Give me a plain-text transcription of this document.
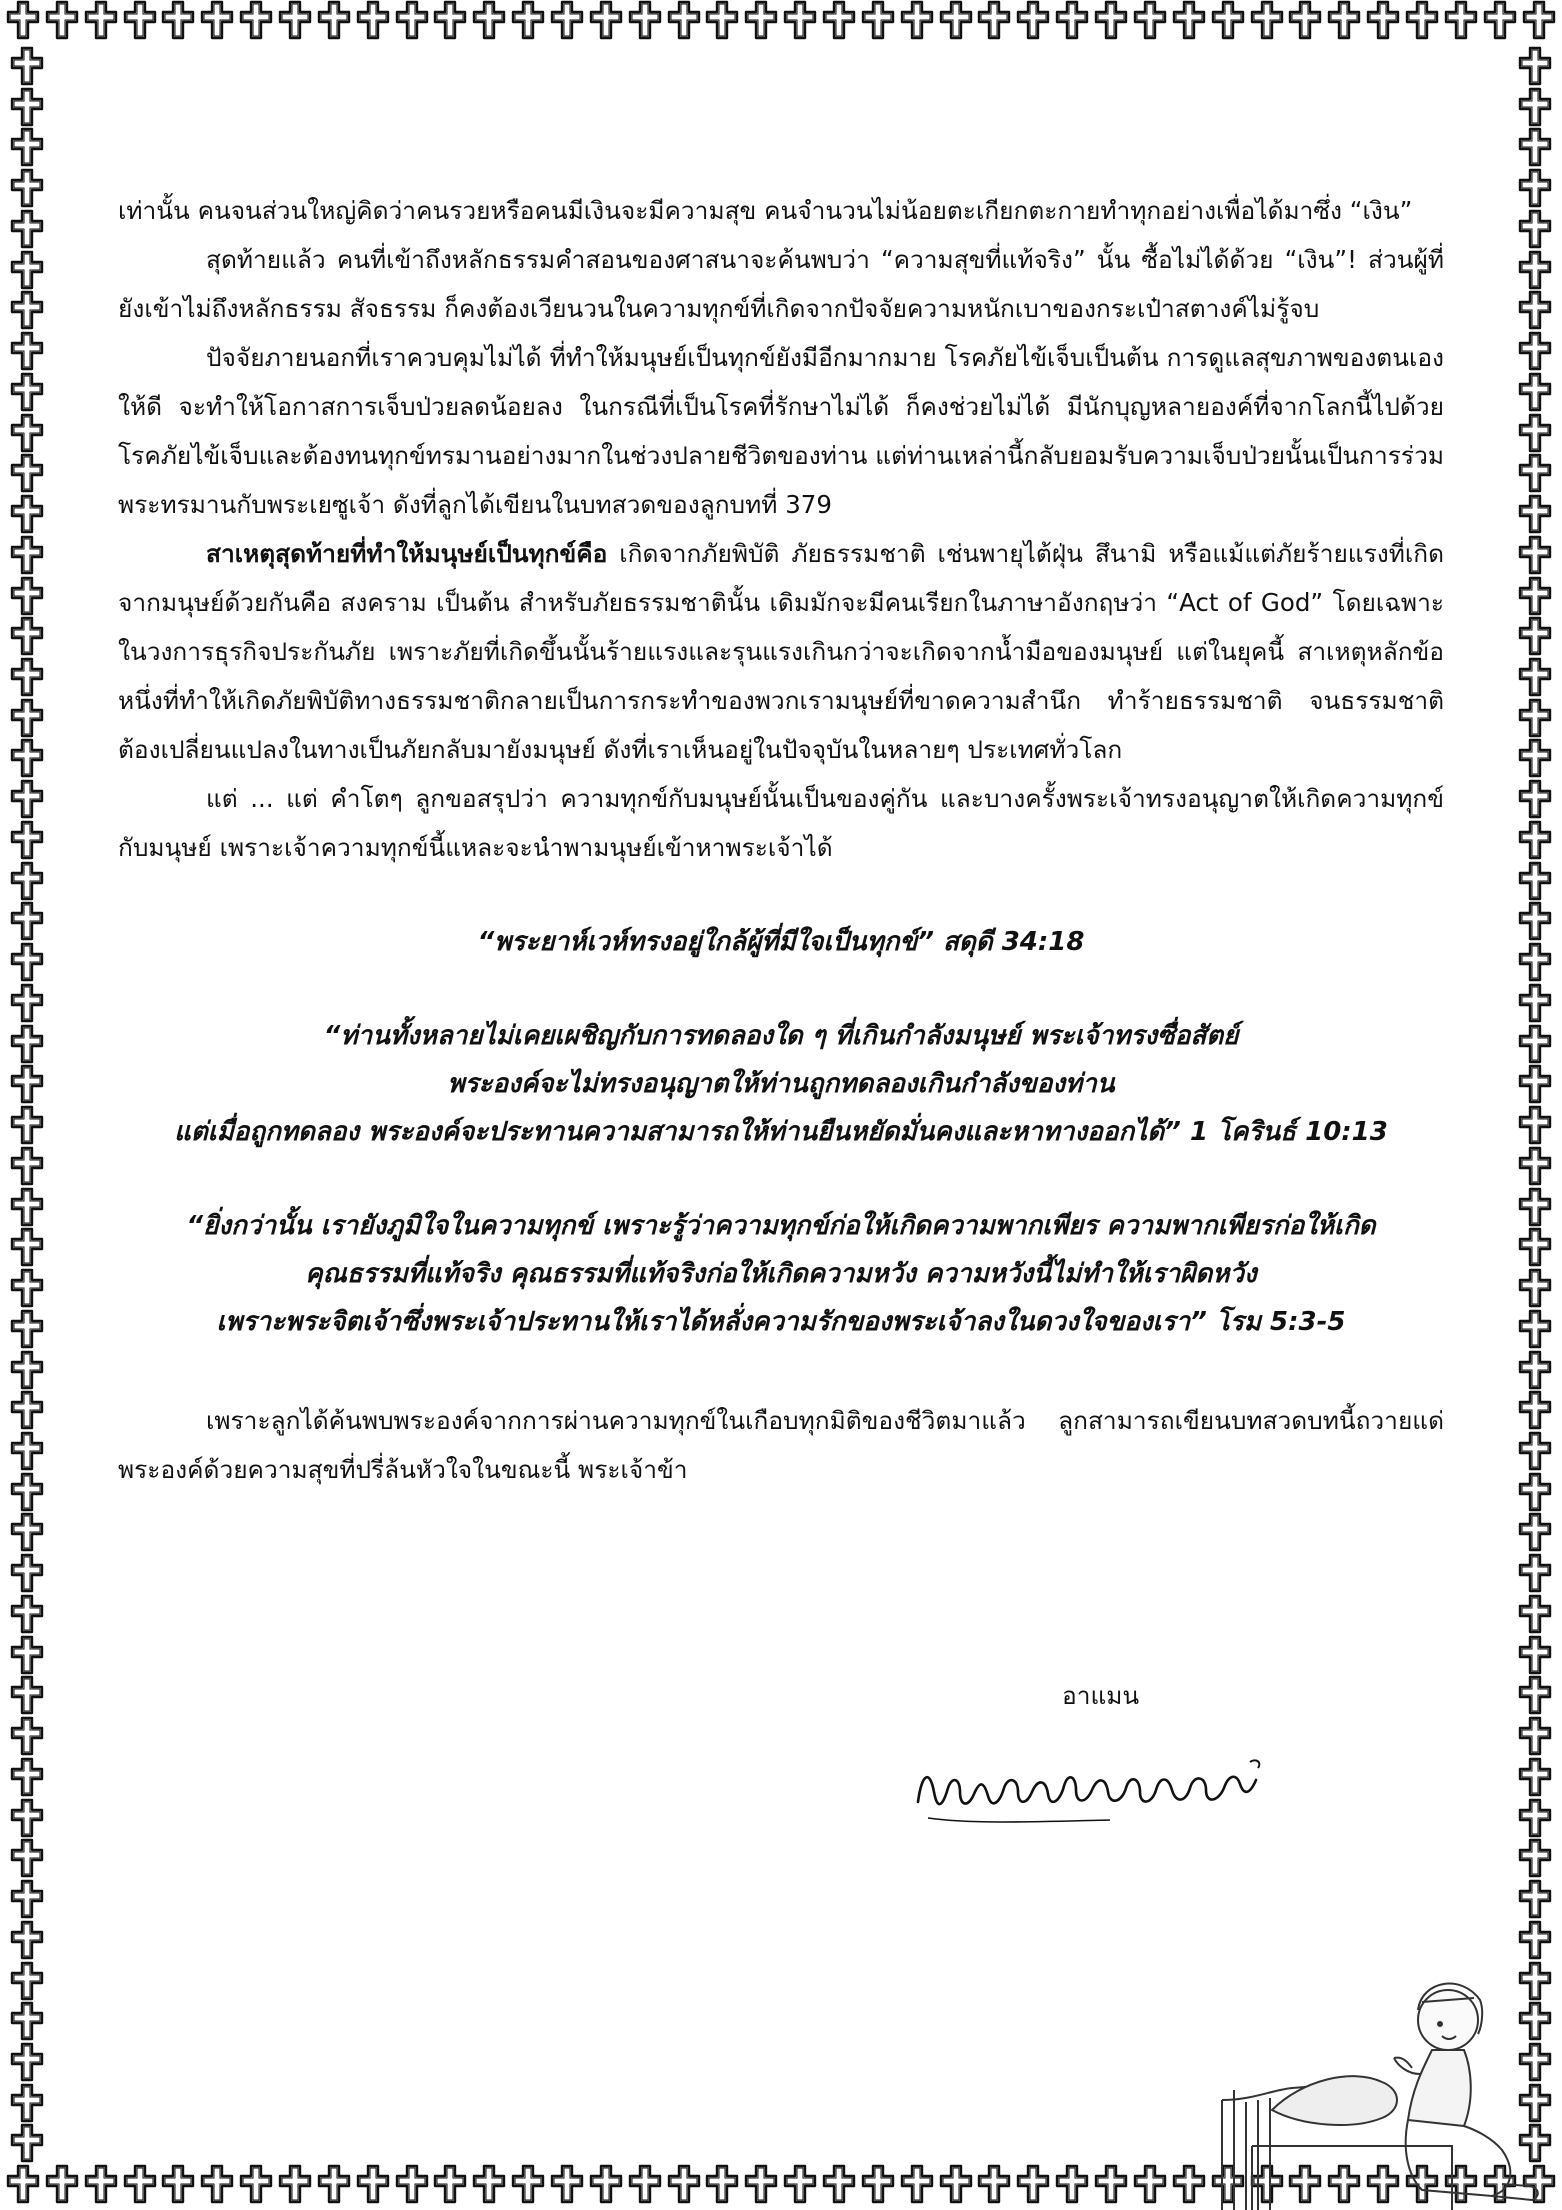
เท่านั้น คนจนส่วนใหญ่คิดว่าคนรวยหรือคนมีเงินจะมีความสุข คนจำนวนไม่น้อยตะเกียกตะกายทำทุกอย่างเพื่อได้มาซึ่ง “เงิน”

สุดท้ายแล้ว คนที่เข้าถึงหลักธรรมคำสอนของศาสนาจะค้นพบว่า “ความสุขที่แท้จริง” นั้น ซื้อไม่ได้ด้วย “เงิน”! ส่วนผู้ที่ยังเข้าไม่ถึงหลักธรรม สัจธรรม ก็คงต้องเวียนวนในความทุกข์ที่เกิดจากปัจจัยความหนักเบาของกระเป๋าสตางค์ไม่รู้จบ

ปัจจัยภายนอกที่เราควบคุมไม่ได้ ที่ทำให้มนุษย์เป็นทุกข์ยังมีอีกมากมาย โรคภัยไข้เจ็บเป็นต้น การดูแลสุขภาพของตนเองให้ดี จะทำให้โอกาสการเจ็บป่วยลดน้อยลง ในกรณีที่เป็นโรคที่รักษาไม่ได้ ก็คงช่วยไม่ได้ มีนักบุญหลายองค์ที่จากโลกนี้ไปด้วยโรคภัยไข้เจ็บและต้องทนทุกข์ทรมานอย่างมากในช่วงปลายชีวิตของท่าน แต่ท่านเหล่านี้กลับยอมรับความเจ็บป่วยนั้นเป็นการร่วมพระทรมานกับพระเยซูเจ้า ดังที่ลูกได้เขียนในบทสวดของลูกบทที่ 379

สาเหตุสุดท้ายที่ทำให้มนุษย์เป็นทุกข์คือ เกิดจากภัยพิบัติ ภัยธรรมชาติ เช่นพายุไต้ฝุ่น สึนามิ หรือแม้แต่ภัยร้ายแรงที่เกิดจากมนุษย์ด้วยกันคือ สงคราม เป็นต้น สำหรับภัยธรรมชาตินั้น เดิมมักจะมีคนเรียกในภาษาอังกฤษว่า “Act of God” โดยเฉพาะในวงการธุรกิจประกันภัย เพราะภัยที่เกิดขึ้นนั้นร้ายแรงและรุนแรงเกินกว่าจะเกิดจากน้ำมือของมนุษย์ แต่ในยุคนี้ สาเหตุหลักข้อหนึ่งที่ทำให้เกิดภัยพิบัติทางธรรมชาติกลายเป็นการกระทำของพวกเรามนุษย์ที่ขาดความสำนึก ทำร้ายธรรมชาติ จนธรรมชาติต้องเปลี่ยนแปลงในทางเป็นภัยกลับมายังมนุษย์ ดังที่เราเห็นอยู่ในปัจจุบันในหลายๆ ประเทศทั่วโลก

แต่ ... แต่ คำโตๆ ลูกขอสรุปว่า ความทุกข์กับมนุษย์นั้นเป็นของคู่กัน และบางครั้งพระเจ้าทรงอนุญาตให้เกิดความทุกข์กับมนุษย์ เพราะเจ้าความทุกข์นี้แหละจะนำพามนุษย์เข้าหาพระเจ้าได้

“พระยาห์เวห์ทรงอยู่ใกล้ผู้ที่มีใจเป็นทุกข์” สดุดี 34:18

“ท่านทั้งหลายไม่เคยเผชิญกับการทดลองใด ๆ ที่เกินกำลังมนุษย์ พระเจ้าทรงซื่อสัตย์
พระองค์จะไม่ทรงอนุญาตให้ท่านถูกทดลองเกินกำลังของท่าน
แต่เมื่อถูกทดลอง พระองค์จะประทานความสามารถให้ท่านยืนหยัดมั่นคงและหาทางออกได้” 1 โครินธ์ 10:13

“ยิ่งกว่านั้น เรายังภูมิใจในความทุกข์ เพราะรู้ว่าความทุกข์ก่อให้เกิดความพากเพียร ความพากเพียรก่อให้เกิด
คุณธรรมที่แท้จริง คุณธรรมที่แท้จริงก่อให้เกิดความหวัง ความหวังนี้ไม่ทำให้เราผิดหวัง
เพราะพระจิตเจ้าซึ่งพระเจ้าประทานให้เราได้หลั่งความรักของพระเจ้าลงในดวงใจของเรา” โรม 5:3-5

เพราะลูกได้ค้นพบพระองค์จากการผ่านความทุกข์ในเกือบทุกมิติของชีวิตมาแล้ว ลูกสามารถเขียนบทสวดบทนี้ถวายแด่พระองค์ด้วยความสุขที่ปรี่ล้นหัวใจในขณะนี้ พระเจ้าข้า

อาแมน
